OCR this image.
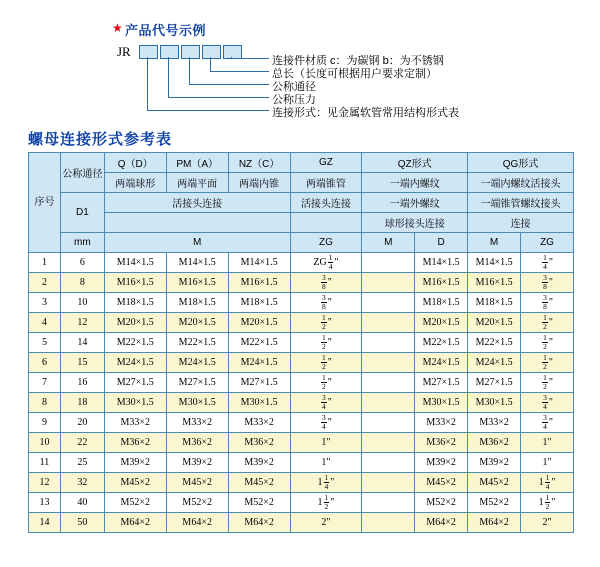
★ 产品代号示例
JR
连接件材质 c：为碳钢 b：为不锈钢
总长（长度可根据用户要求定制）
公称通径
公称压力
连接形式：见金属软管常用结构形式表
螺母连接形式参考表
序号	公称通径	Q（D）	PM（A）	NZ（C）	GZ	QZ形式		QG形式	
		两端球形	两端平面	两端内锥	两端锥管	一端内螺纹		一端内螺纹活接头	
	D1	活接头连接			活接头连接	一端外螺纹		一端锥管螺纹接头	
						球形接头连接		连接	
	mm	M			ZG	M	D	M	ZG
1	6	M14×1.5	M14×1.5	M14×1.5	ZG $\frac{1}{4}$ "		M14×1.5	M14×1.5	$\frac{1}{4}$ "
2	8	M16×1.5	M16×1.5	M16×1.5	$\frac{3}{8}$ "		M16×1.5	M16×1.5	$\frac{3}{8}$ "
3	10	M18×1.5	M18×1.5	M18×1.5	$\frac{3}{8}$ "		M18×1.5	M18×1.5	$\frac{3}{8}$ "
4	12	M20×1.5	M20×1.5	M20×1.5	$\frac{1}{2}$ "		M20×1.5	M20×1.5	$\frac{1}{2}$ "
5	14	M22×1.5	M22×1.5	M22×1.5	$\frac{1}{2}$ "		M22×1.5	M22×1.5	$\frac{1}{2}$ "
6	15	M24×1.5	M24×1.5	M24×1.5	$\frac{1}{2}$ "		M24×1.5	M24×1.5	$\frac{1}{2}$ "
7	16	M27×1.5	M27×1.5	M27×1.5	$\frac{1}{2}$ "		M27×1.5	M27×1.5	$\frac{1}{2}$ "
8	18	M30×1.5	M30×1.5	M30×1.5	$\frac{3}{4}$ "		M30×1.5	M30×1.5	$\frac{3}{4}$ "
9	20	M33×2	M33×2	M33×2	$\frac{3}{4}$ "		M33×2	M33×2	$\frac{3}{4}$ "
10	22	M36×2	M36×2	M36×2	1"		M36×2	M36×2	1"
11	25	M39×2	M39×2	M39×2	1"		M39×2	M39×2	1"
12	32	M45×2	M45×2	M45×2	$1 \frac{1}{4}$ "		M45×2	M45×2	$1 \frac{1}{4}$ "
13	40	M52×2	M52×2	M52×2	$1 \frac{1}{2}$ "		M52×2	M52×2	$1 \frac{1}{2}$ "
14	50	M64×2	M64×2	M64×2	2"		M64×2	M64×2	2"
